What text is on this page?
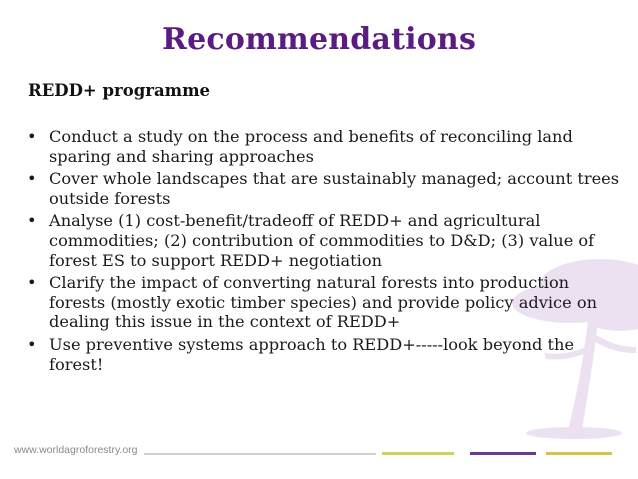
Recommendations
REDD+ programme
• Conduct a study on the process and benefits of reconciling land sparing and sharing approaches
• Cover whole landscapes that are sustainably managed; account trees outside forests
• Analyse (1) cost-benefit/tradeoff of REDD+ and agricultural commodities; (2) contribution of commodities to D&D; (3) value of forest ES to support REDD+ negotiation
• Clarify the impact of converting natural forests into production forests (mostly exotic timber species) and provide policy advice on dealing this issue in the context of REDD+
• Use preventive systems approach to REDD+-----look beyond the forest!
www.worldagroforestry.org
